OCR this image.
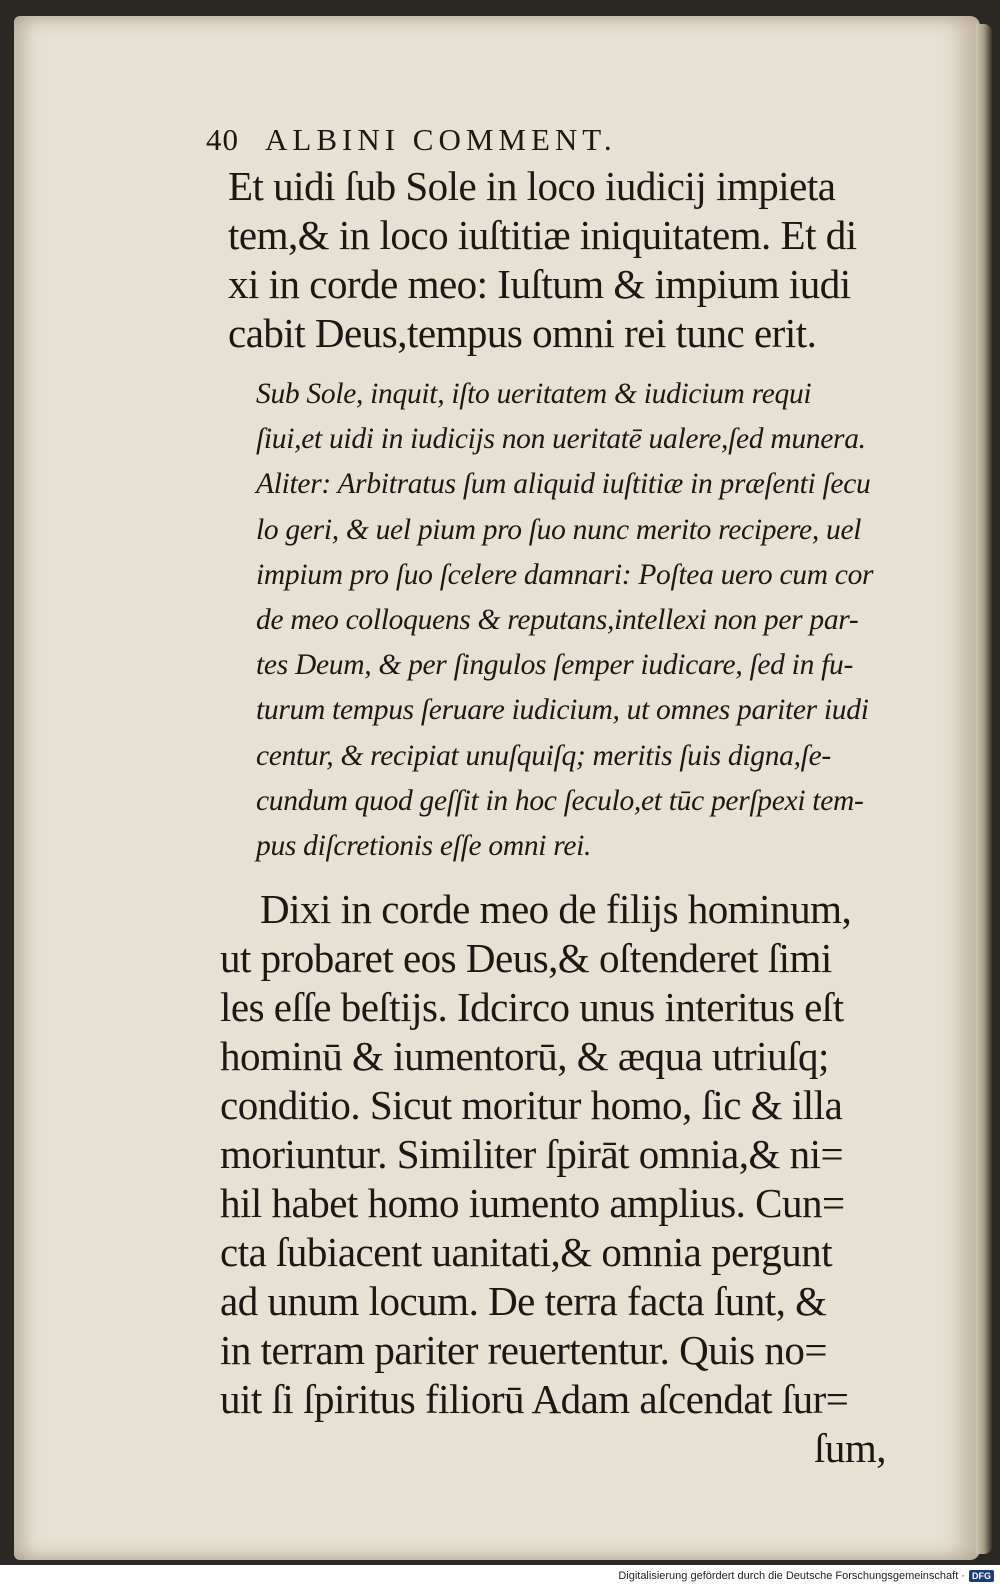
40 ALBINI COMMENT.
Et uidi ſub Sole in loco iudicij impieta
tem,& in loco iuſtitiæ iniquitatem. Et di
xi in corde meo: Iuſtum & impium iudi
cabit Deus,tempus omni rei tunc erit.
Sub Sole, inquit, iſto ueritatem & iudicium requi
ſiui,et uidi in iudicijs non ueritatē ualere,ſed munera.
Aliter: Arbitratus ſum aliquid iuſtitiæ in præſenti ſecu
lo geri, & uel pium pro ſuo nunc merito recipere, uel
impium pro ſuo ſcelere damnari: Poſtea uero cum cor
de meo colloquens & reputans,intellexi non per par-
tes Deum, & per ſingulos ſemper iudicare, ſed in fu-
turum tempus ſeruare iudicium, ut omnes pariter iudi
centur, & recipiat unuſquiſq; meritis ſuis digna,ſe-
cundum quod geſſit in hoc ſeculo,et tūc perſpexi tem-
pus diſcretionis eſſe omni rei.
Dixi in corde meo de filijs hominum,
ut probaret eos Deus,& oſtenderet ſimi
les eſſe beſtijs. Idcirco unus interitus eſt
hominū & iumentorū, & æqua utriuſq;
conditio. Sicut moritur homo, ſic & illa
moriuntur. Similiter ſpirāt omnia,& ni=
hil habet homo iumento amplius. Cun=
cta ſubiacent uanitati,& omnia pergunt
ad unum locum. De terra facta ſunt, &
in terram pariter reuertentur. Quis no=
uit ſi ſpiritus filiorū Adam aſcendat ſur=
ſum,
Digitalisierung gefördert durch die Deutsche Forschungsgemeinschaft · DFG
